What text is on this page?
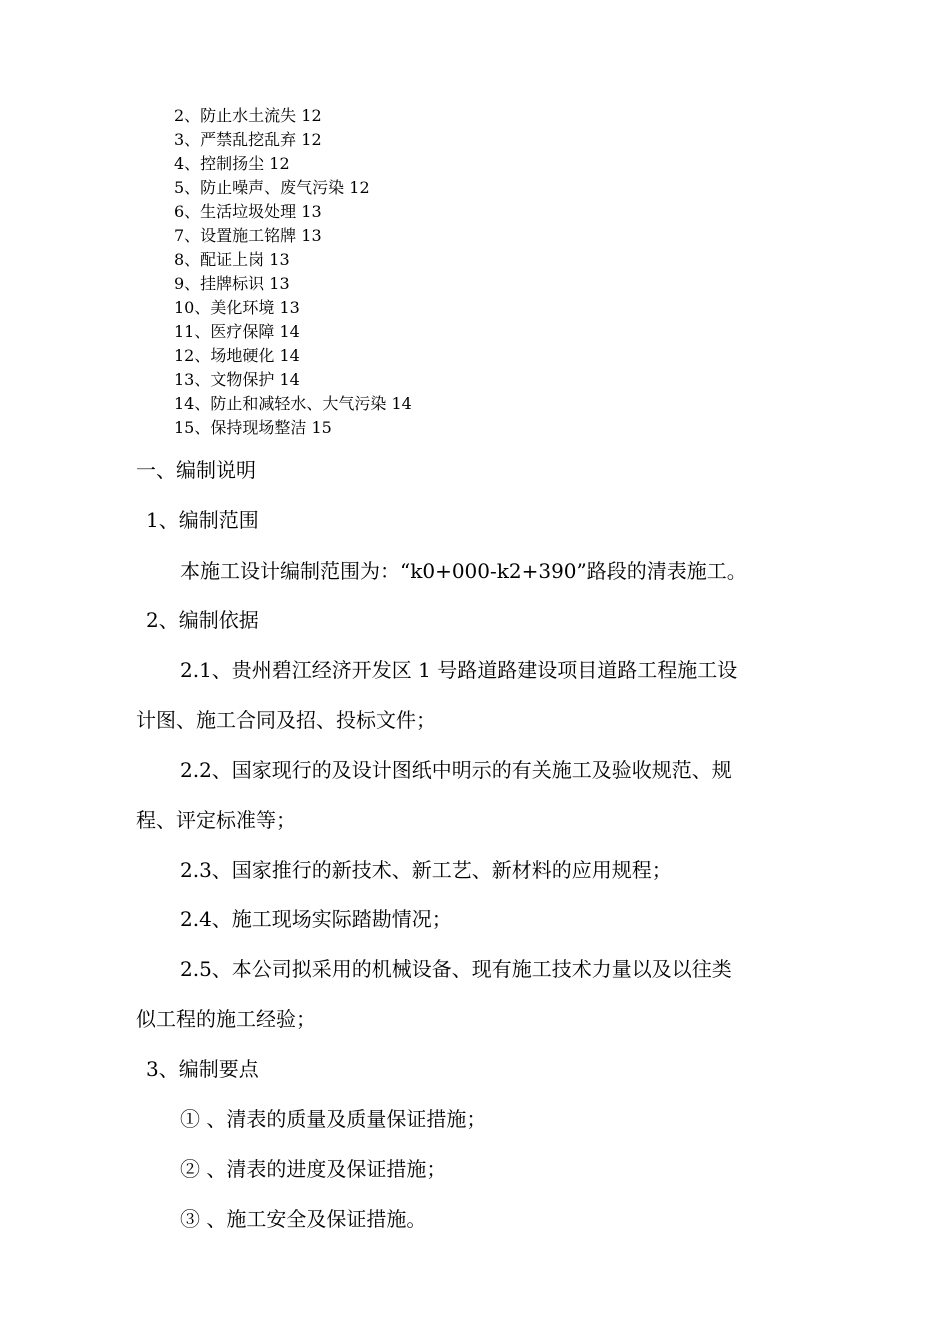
2、防止水土流失 12
3、严禁乱挖乱弃 12
4、控制扬尘 12
5、防止噪声、废气污染 12
6、生活垃圾处理 13
7、设置施工铭牌 13
8、配证上岗 13
9、挂牌标识 13
10、美化环境 13
11、医疗保障 14
12、场地硬化 14
13、文物保护 14
14、防止和减轻水、大气污染 14
15、保持现场整洁 15
一、编制说明
1、编制范围
本施工设计编制范围为：“k0+000-k2+390”路段的清表施工。
2、编制依据
2.1、贵州碧江经济开发区 1 号路道路建设项目道路工程施工设
计图、施工合同及招、投标文件；
2.2、国家现行的及设计图纸中明示的有关施工及验收规范、规
程、评定标准等；
2.3、国家推行的新技术、新工艺、新材料的应用规程；
2.4、施工现场实际踏勘情况；
2.5、本公司拟采用的机械设备、现有施工技术力量以及以往类
似工程的施工经验；
3、编制要点
① 、清表的质量及质量保证措施；
② 、清表的进度及保证措施；
③ 、施工安全及保证措施。
